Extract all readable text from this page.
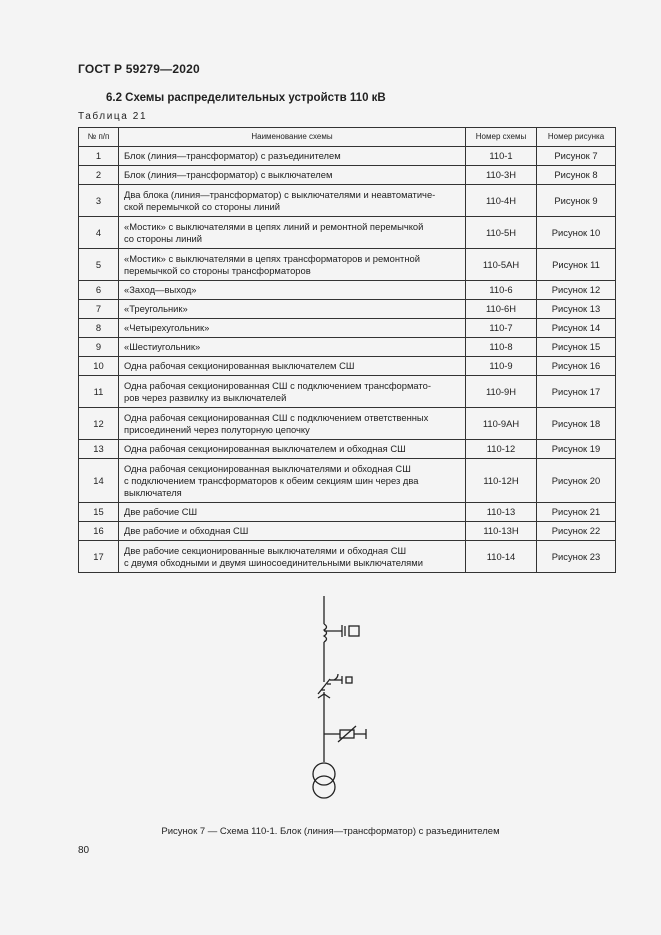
ГОСТ Р 59279—2020
6.2 Схемы распределительных устройств 110 кВ
Таблица 21
№ п/п	Наименование схемы	Номер схемы	Номер рисунка
1	Блок (линия—трансформатор) с разъединителем	110-1	Рисунок 7
2	Блок (линия—трансформатор) с выключателем	110-3Н	Рисунок 8
3	Два блока (линия—трансформатор) с выключателями и неавтоматиче-
ской перемычкой со стороны линий	110-4Н	Рисунок 9
4	«Мостик» с выключателями в цепях линий и ремонтной перемычкой
со стороны линий	110-5Н	Рисунок 10
5	«Мостик» с выключателями в цепях трансформаторов и ремонтной
перемычкой со стороны трансформаторов	110-5АН	Рисунок 11
6	«Заход—выход»	110-6	Рисунок 12
7	«Треугольник»	110-6Н	Рисунок 13
8	«Четырехугольник»	110-7	Рисунок 14
9	«Шестиугольник»	110-8	Рисунок 15
10	Одна рабочая секционированная выключателем СШ	110-9	Рисунок 16
11	Одна рабочая секционированная СШ с подключением трансформато-
ров через развилку из выключателей	110-9Н	Рисунок 17
12	Одна рабочая секционированная СШ с подключением ответственных
присоединений через полуторную цепочку	110-9АН	Рисунок 18
13	Одна рабочая секционированная выключателем и обходная СШ	110-12	Рисунок 19
14	Одна рабочая секционированная выключателями и обходная СШ
с подключением трансформаторов к обеим секциям шин через два
выключателя	110-12Н	Рисунок 20
15	Две рабочие СШ	110-13	Рисунок 21
16	Две рабочие и обходная СШ	110-13Н	Рисунок 22
17	Две рабочие секционированные выключателями и обходная СШ
с двумя обходными и двумя шиносоединительными выключателями	110-14	Рисунок 23
Рисунок 7 — Схема 110-1. Блок (линия—трансформатор) с разъединителем
80
